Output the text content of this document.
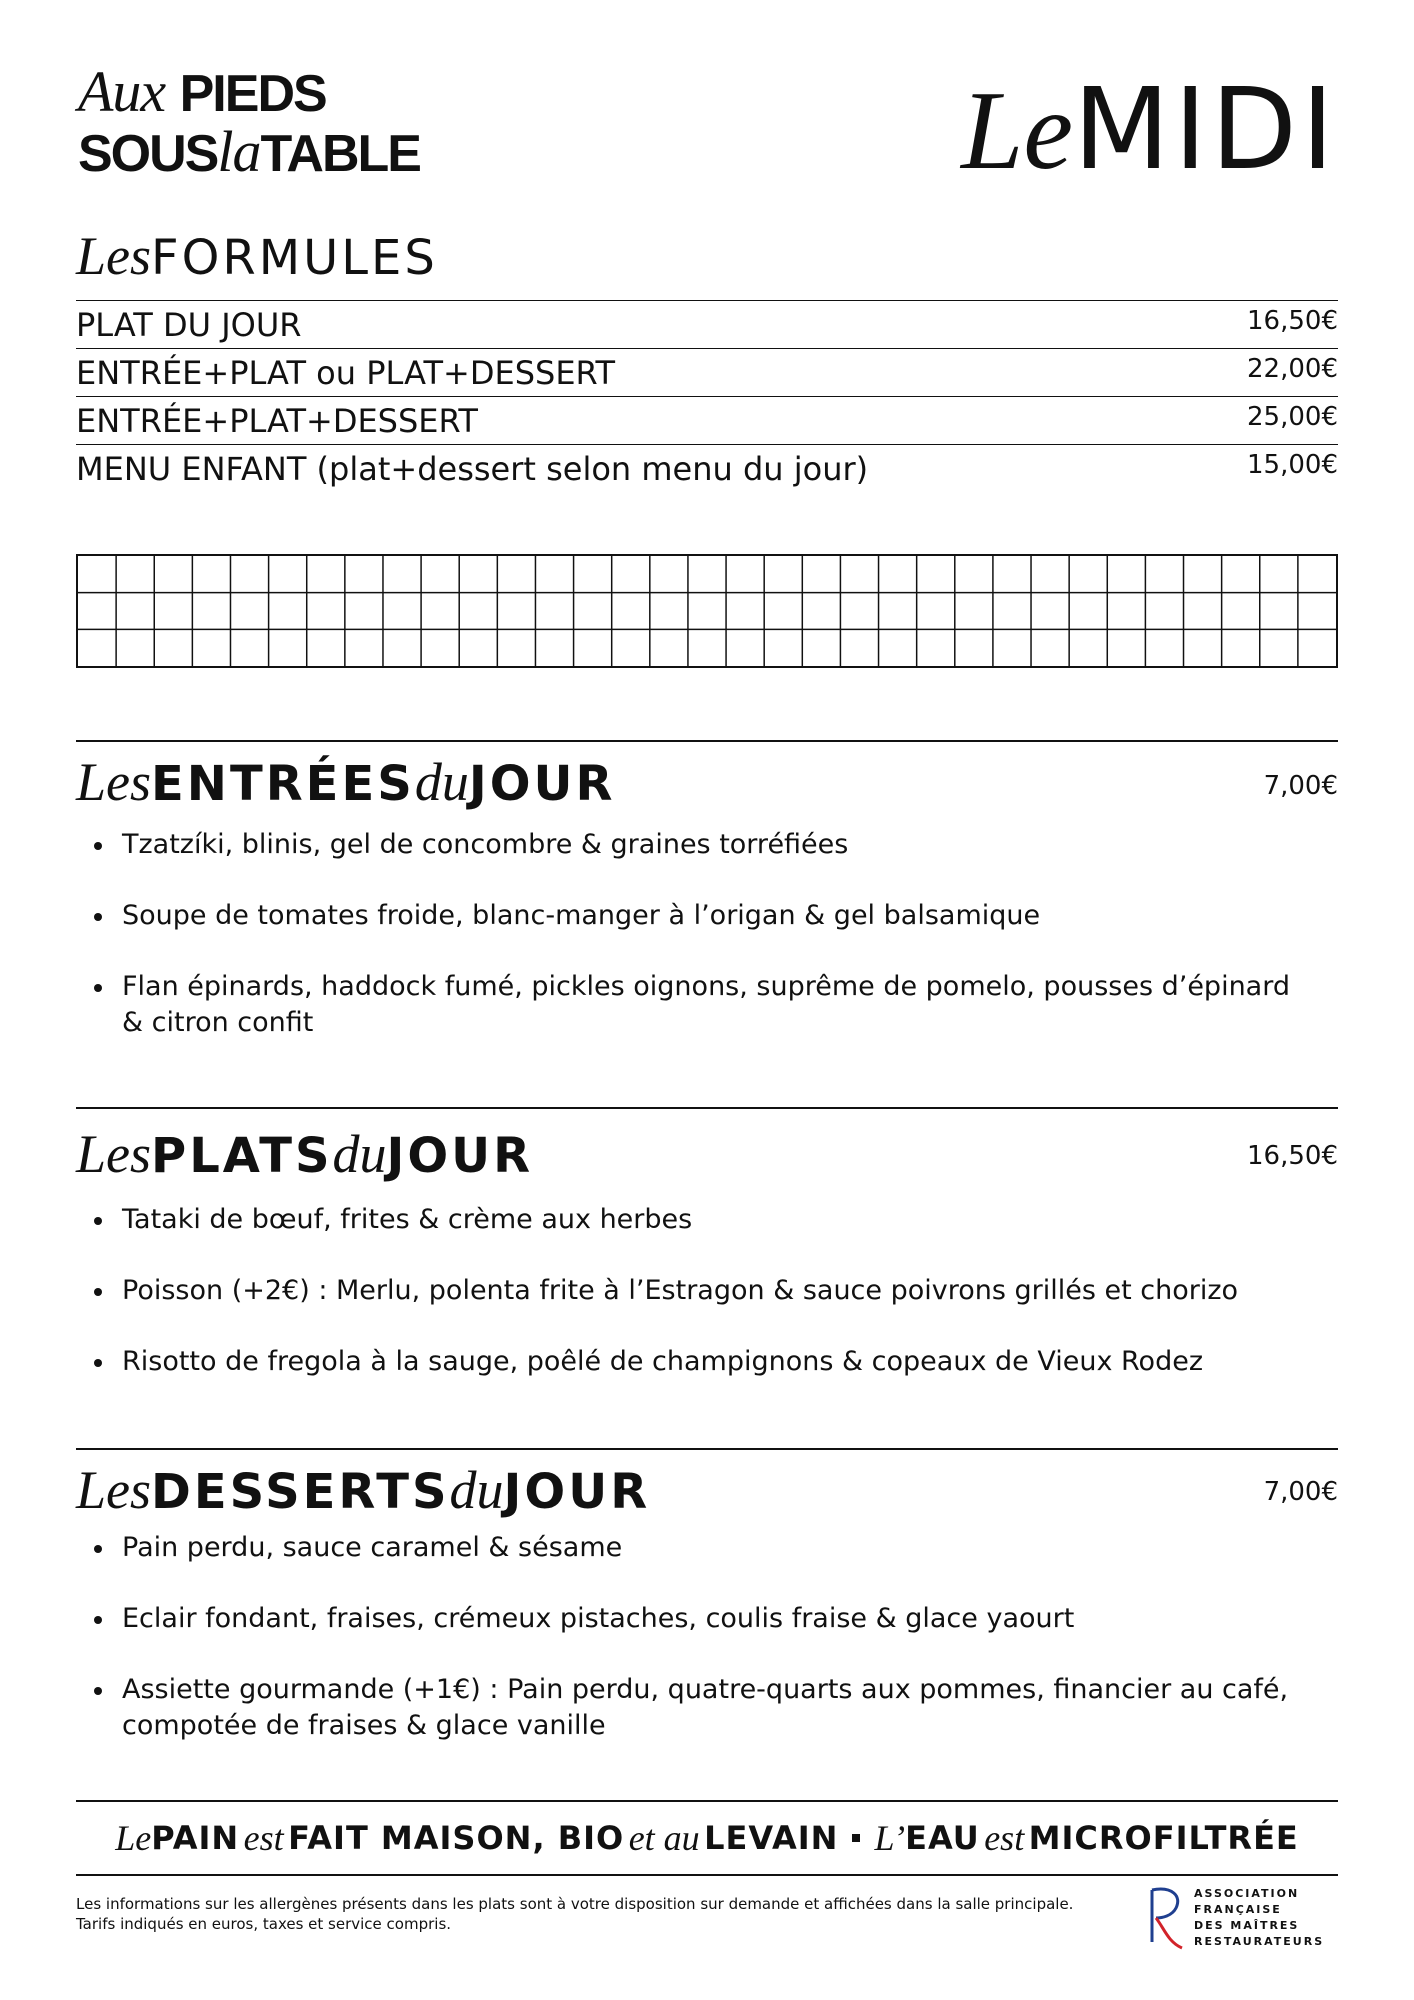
Aux PIEDS
SOUSlaTABLE	LeMIDI
LesFORMULES
PLAT DU JOUR	16,50€
ENTRÉE+PLAT ou PLAT+DESSERT	22,00€
ENTRÉE+PLAT+DESSERT	25,00€
MENU ENFANT (plat+dessert selon menu du jour)	15,00€
LesENTRÉESduJOUR	7,00€
Tzatzíki, blinis, gel de concombre & graines torréfiées
Soupe de tomates froide, blanc-manger à l’origan & gel balsamique
Flan épinards, haddock fumé, pickles oignons, suprême de pomelo, pousses d’épinard & citron confit
LesPLATSduJOUR	16,50€
Tataki de bœuf, frites & crème aux herbes
Poisson (+2€) : Merlu, polenta frite à l’Estragon & sauce poivrons grillés et chorizo
Risotto de fregola à la sauge, poêlé de champignons & copeaux de Vieux Rodez
LesDESSERTSduJOUR	7,00€
Pain perdu, sauce caramel & sésame
Eclair fondant, fraises, crémeux pistaches, coulis fraise & glace yaourt
Assiette gourmande (+1€) : Pain perdu, quatre-quarts aux pommes, financier au café, compotée de fraises & glace vanille
Le PAIN
est
FAIT MAISON, BIO
et au
LEVAIN L’ EAU
est
MICROFILTRÉE
Les informations sur les allergènes présents dans les plats sont à votre disposition sur demande et affichées dans la salle principale.
Tarifs indiqués en euros, taxes et service compris.
ASSOCIATION
FRANÇAISE
DES MAÎTRES
RESTAURATEURS
